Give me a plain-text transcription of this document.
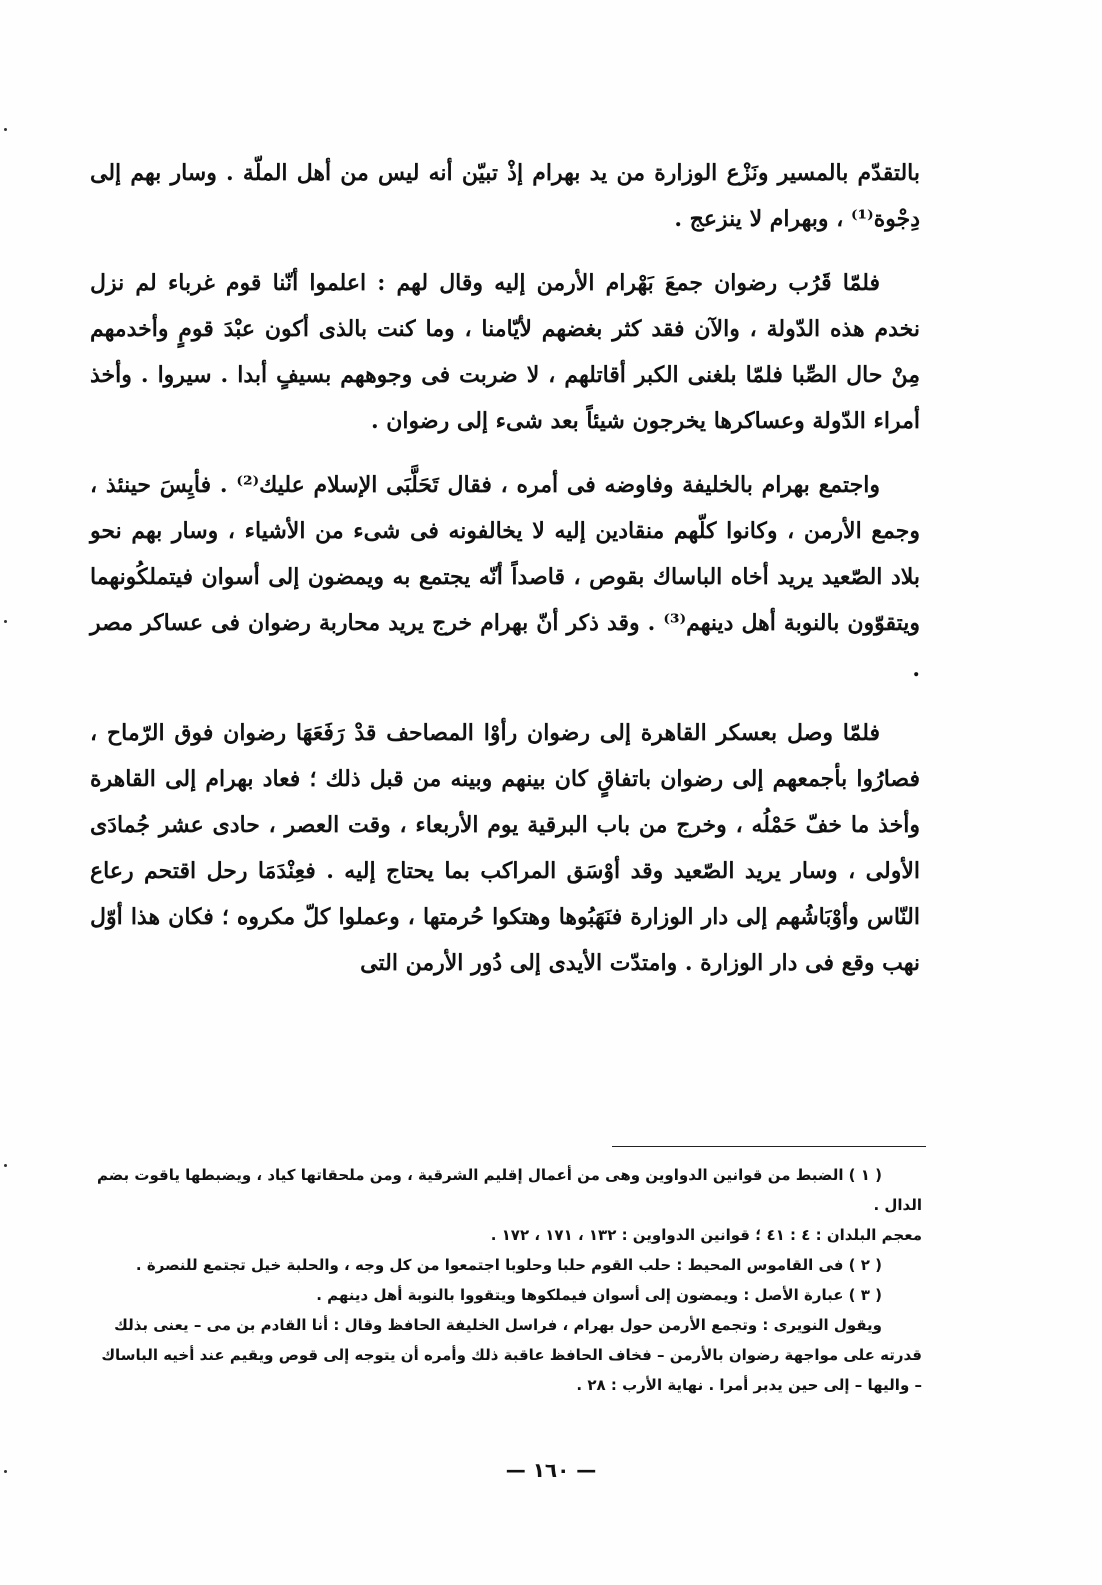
بالتقدّم بالمسير ونَزْع الوزارة من يد بهرام إذْ تبيّن أنه ليس من أهل الملّة . وسار بهم إلى دِجْوة⁽¹⁾ ، وبهرام لا ينزعج .

فلمّا قَرُب رضوان جمعَ بَهْرام الأرمن إليه وقال لهم : اعلموا أنّنا قوم غرباء لم نزل نخدم هذه الدّولة ، والآن فقد كثر بغضهم لأيّامنا ، وما كنت بالذى أكون عبْدَ قومٍ وأخدمهم مِنْ حال الصِّبا فلمّا بلغنى الكبر أقاتلهم ، لا ضربت فى وجوههم بسيفٍ أبدا . سيروا . وأخذ أمراء الدّولة وعساكرها يخرجون شيئاً بعد شىء إلى رضوان .

واجتمع بهرام بالخليفة وفاوضه فى أمره ، فقال تَحَلَّبَى الإسلام عليك⁽²⁾ . فأيِسَ حينئذ ، وجمع الأرمن ، وكانوا كلّهم منقادين إليه لا يخالفونه فى شىء من الأشياء ، وسار بهم نحو بلاد الصّعيد يريد أخاه الباساك بقوص ، قاصداً أنّه يجتمع به ويمضون إلى أسوان فيتملكُونهما ويتقوّون بالنوبة أهل دينهم⁽³⁾ . وقد ذكر أنّ بهرام خرج يريد محاربة رضوان فى عساكر مصر .

فلمّا وصل بعسكر القاهرة إلى رضوان رأوْا المصاحف قدْ رَفَعَهَا رضوان فوق الرّماح ، فصارُوا بأجمعهم إلى رضوان باتفاقٍ كان بينهم وبينه من قبل ذلك ؛ فعاد بهرام إلى القاهرة وأخذ ما خفّ حَمْلُه ، وخرج من باب البرقية يوم الأربعاء ، وقت العصر ، حادى عشر جُمادَى الأولى ، وسار يريد الصّعيد وقد أوْسَق المراكب بما يحتاج إليه . فعِنْدَمَا رحل اقتحم رعاع النّاس وأوْبَاشُهم إلى دار الوزارة فنَهَبُوها وهتكوا حُرمتها ، وعملوا كلّ مكروه ؛ فكان هذا أوّل نهب وقع فى دار الوزارة . وامتدّت الأيدى إلى دُور الأرمن التى

( ١ ) الضبط من قوانين الدواوين وهى من أعمال إقليم الشرقية ، ومن ملحقاتها كياد ، ويضبطها ياقوت بضم الدال .

معجم البلدان : ٤ : ٤١ ؛ قوانين الدواوين : ١٣٢ ، ١٧١ ، ١٧٢ .

( ٢ ) فى القاموس المحيط : حلب القوم حلبا وحلوبا اجتمعوا من كل وجه ، والحلبة خيل تجتمع للنصرة .

( ٣ ) عبارة الأصل : ويمضون إلى أسوان فيملكوها ويتقووا بالنوبة أهل دينهم .

ويقول النويرى : وتجمع الأرمن حول بهرام ، فراسل الخليفة الحافظ وقال : أنا القادم بن مى – يعنى بذلك قدرته على مواجهة رضوان بالأرمن – فخاف الحافظ عاقبة ذلك وأمره أن يتوجه إلى قوص ويقيم عند أخيه الباساك – واليها – إلى حين يدبر أمرا . نهاية الأرب : ٢٨ .

— ١٦٠ —
